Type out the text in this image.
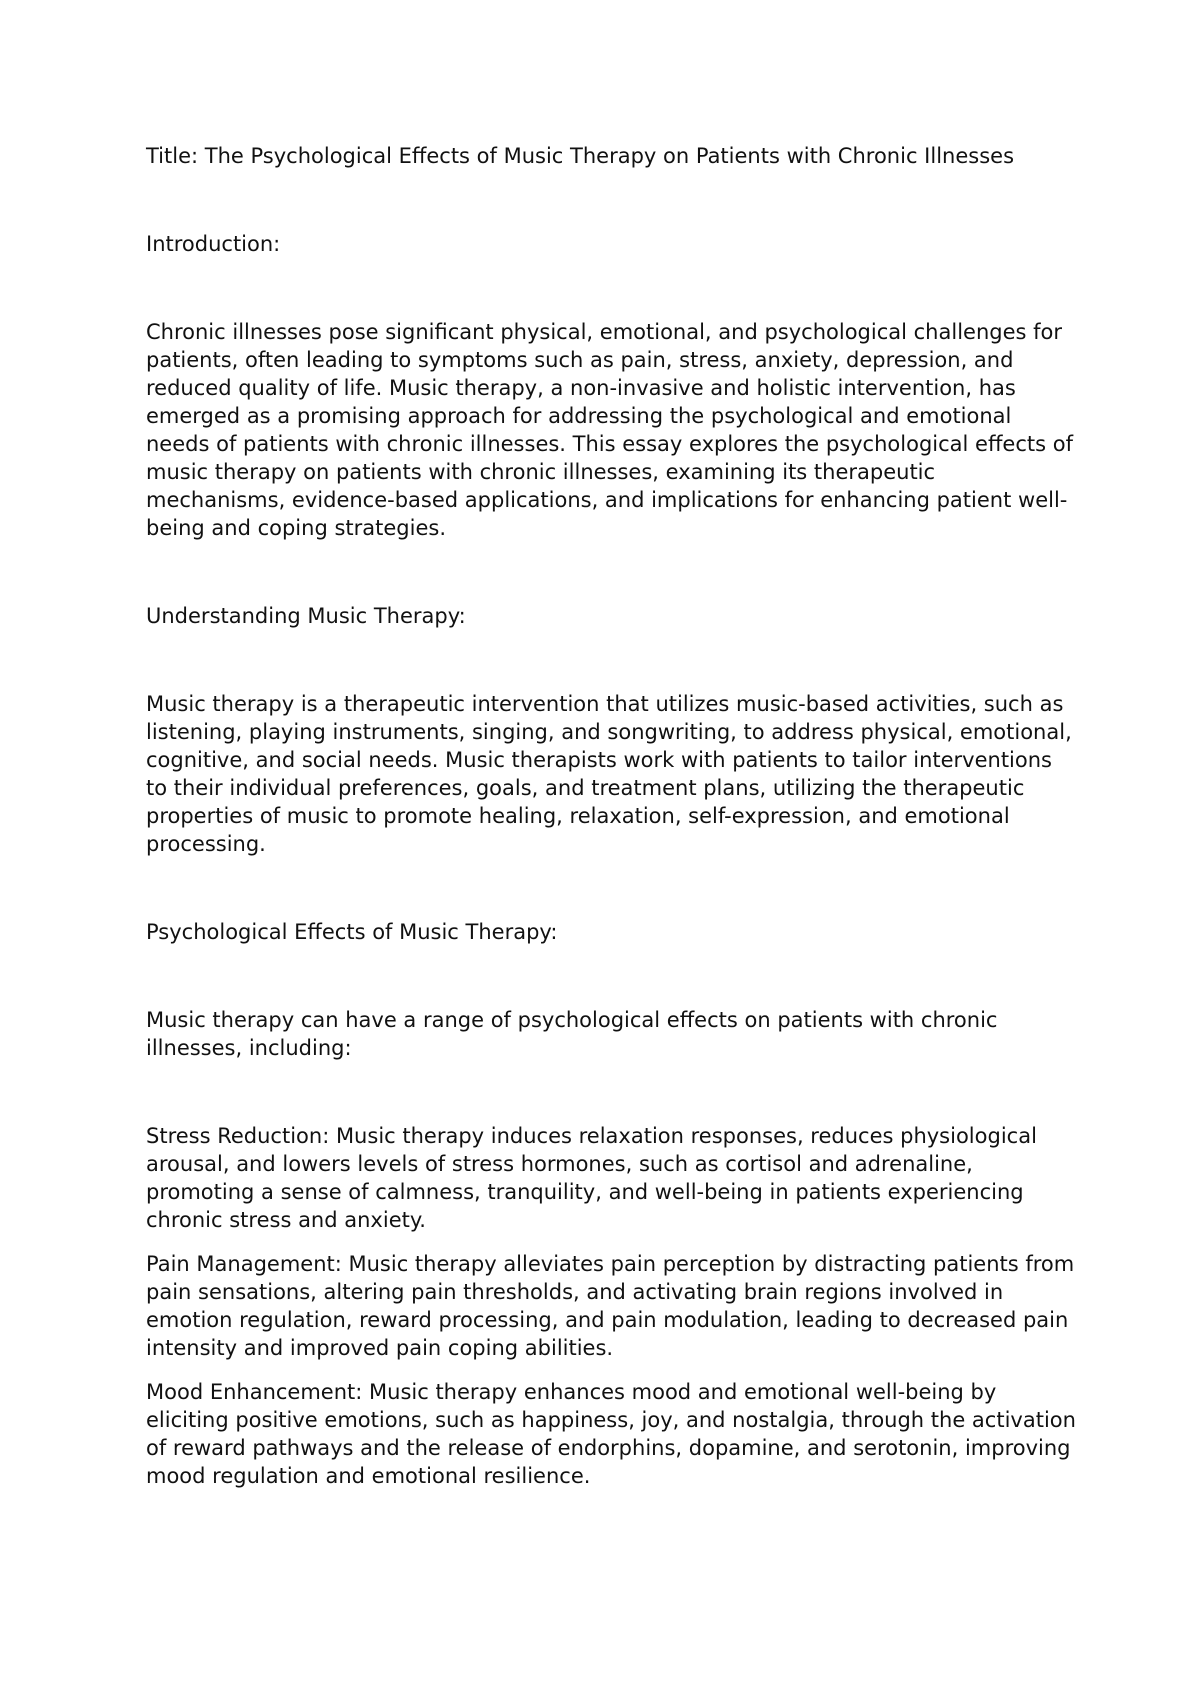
Title: The Psychological Effects of Music Therapy on Patients with Chronic Illnesses

Introduction:

Chronic illnesses pose significant physical, emotional, and psychological challenges for patients, often leading to symptoms such as pain, stress, anxiety, depression, and reduced quality of life. Music therapy, a non-invasive and holistic intervention, has emerged as a promising approach for addressing the psychological and emotional needs of patients with chronic illnesses. This essay explores the psychological effects of music therapy on patients with chronic illnesses, examining its therapeutic mechanisms, evidence-based applications, and implications for enhancing patient well-being and coping strategies.

Understanding Music Therapy:

Music therapy is a therapeutic intervention that utilizes music-based activities, such as listening, playing instruments, singing, and songwriting, to address physical, emotional, cognitive, and social needs. Music therapists work with patients to tailor interventions to their individual preferences, goals, and treatment plans, utilizing the therapeutic properties of music to promote healing, relaxation, self-expression, and emotional processing.

Psychological Effects of Music Therapy:

Music therapy can have a range of psychological effects on patients with chronic illnesses, including:

Stress Reduction: Music therapy induces relaxation responses, reduces physiological arousal, and lowers levels of stress hormones, such as cortisol and adrenaline, promoting a sense of calmness, tranquility, and well-being in patients experiencing chronic stress and anxiety.

Pain Management: Music therapy alleviates pain perception by distracting patients from pain sensations, altering pain thresholds, and activating brain regions involved in emotion regulation, reward processing, and pain modulation, leading to decreased pain intensity and improved pain coping abilities.

Mood Enhancement: Music therapy enhances mood and emotional well-being by eliciting positive emotions, such as happiness, joy, and nostalgia, through the activation of reward pathways and the release of endorphins, dopamine, and serotonin, improving mood regulation and emotional resilience.
